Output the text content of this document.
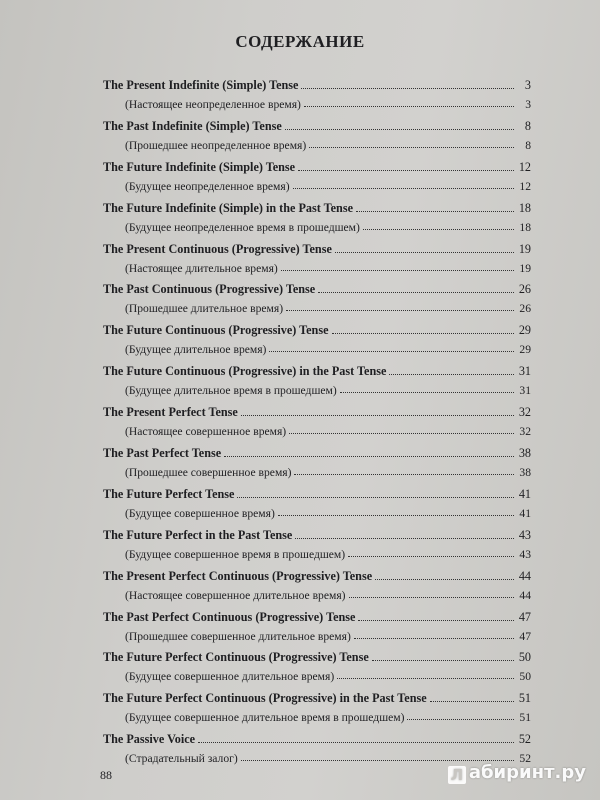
СОДЕРЖАНИЕ
The Present Indefinite (Simple) Tense	3
(Настоящее неопределенное время)	3
The Past Indefinite (Simple) Tense	8
(Прошедшее неопределенное время)	8
The Future Indefinite (Simple) Tense	12
(Будущее неопределенное время)	12
The Future Indefinite (Simple) in the Past Tense	18
(Будущее неопределенное время в прошедшем)	18
The Present Continuous (Progressive) Tense	19
(Настоящее длительное время)	19
The Past Continuous (Progressive) Tense	26
(Прошедшее длительное время)	26
The Future Continuous (Progressive) Tense	29
(Будущее длительное время)	29
The Future Continuous (Progressive) in the Past Tense	31
(Будущее длительное время в прошедшем)	31
The Present Perfect Tense	32
(Настоящее совершенное время)	32
The Past Perfect Tense	38
(Прошедшее совершенное время)	38
The Future Perfect Tense	41
(Будущее совершенное время)	41
The Future Perfect in the Past Tense	43
(Будущее совершенное время в прошедшем)	43
The Present Perfect Continuous (Progressive) Tense	44
(Настоящее совершенное длительное время)	44
The Past Perfect Continuous (Progressive) Tense	47
(Прошедшее совершенное длительное время)	47
The Future Perfect Continuous (Progressive) Tense	50
(Будущее совершенное длительное время)	50
The Future Perfect Continuous (Progressive) in the Past Tense	51
(Будущее совершенное длительное время в прошедшем)	51
The Passive Voice	52
(Страдательный залог)	52
88	Л абиринт.ру
